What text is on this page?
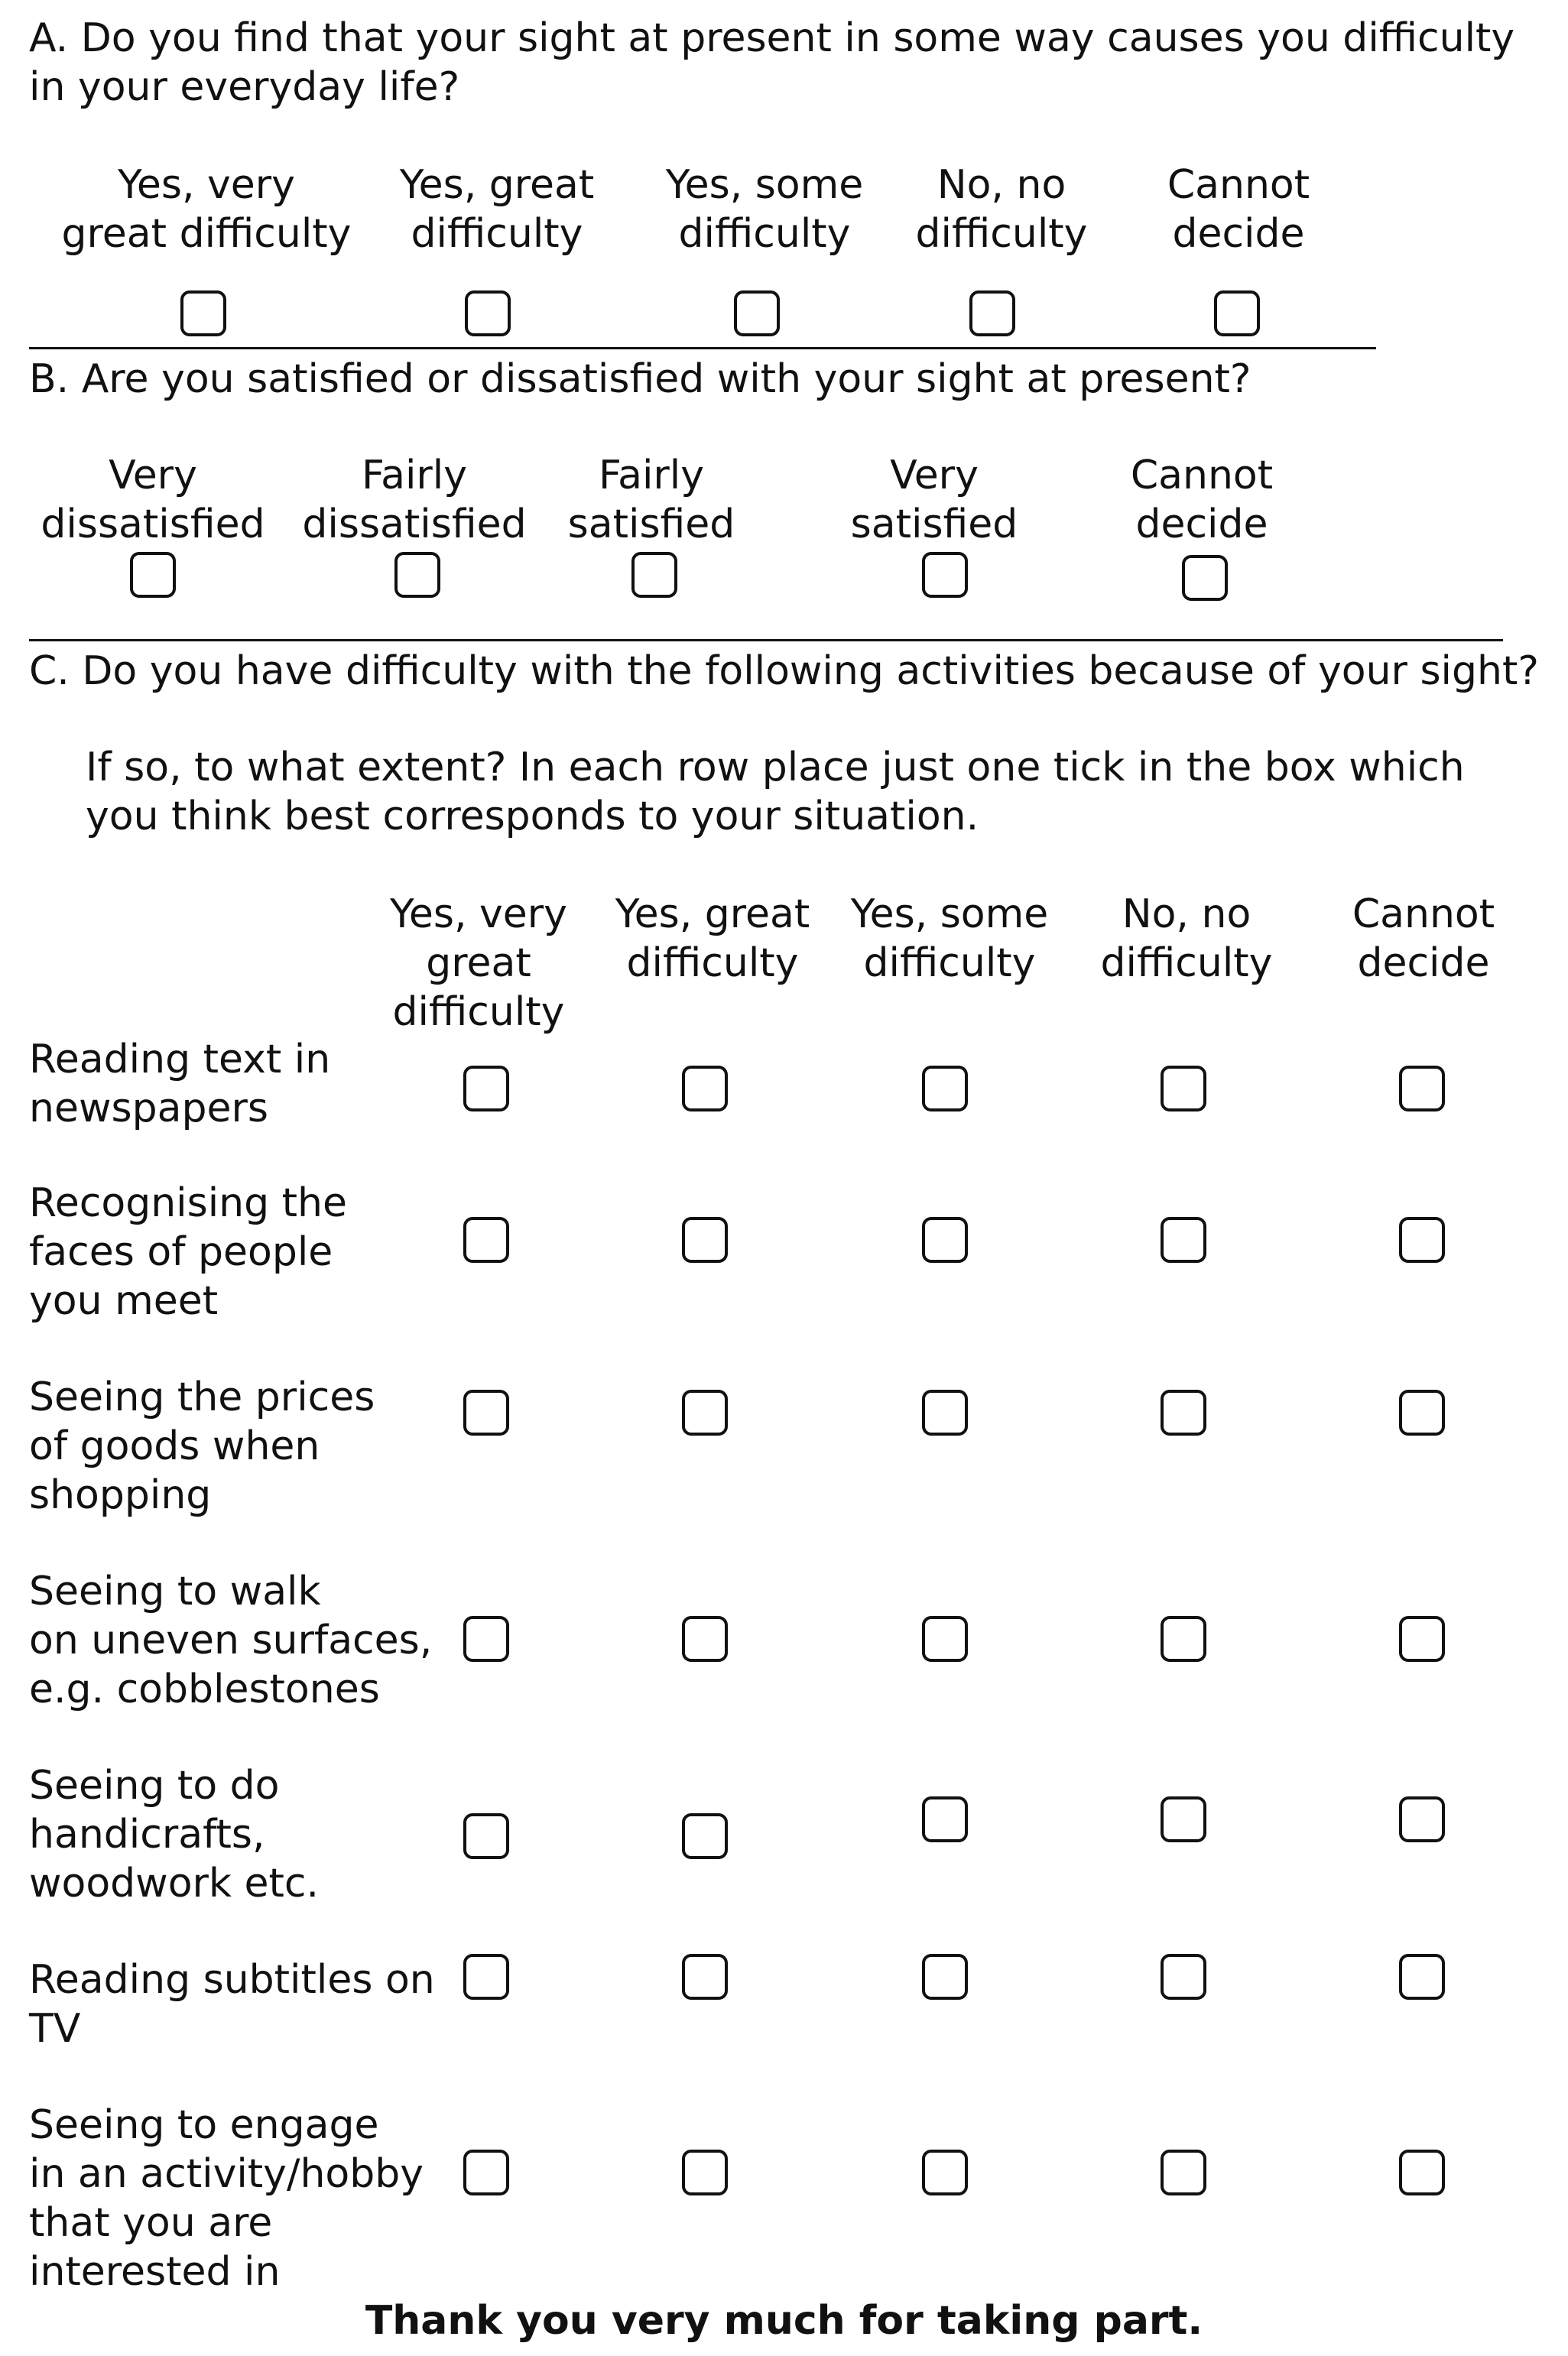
A. Do you find that your sight at present in some way causes you difficulty
in your everyday life?
Yes, very
great difficulty
Yes, great
difficulty
Yes, some
difficulty
No, no
difficulty
Cannot
decide
B. Are you satisfied or dissatisfied with your sight at present?
Very
dissatisfied
Fairly
dissatisfied
Fairly
satisfied
Very
satisfied
Cannot
decide
C. Do you have difficulty with the following activities because of your sight?
If so, to what extent? In each row place just one tick in the box which
you think best corresponds to your situation.
Yes, very
great
difficulty
Yes, great
difficulty
Yes, some
difficulty
No, no
difficulty
Cannot
decide
Reading text in
newspapers
Recognising the
faces of people
you meet
Seeing the prices
of goods when
shopping
Seeing to walk
on uneven surfaces,
e.g. cobblestones
Seeing to do
handicrafts,
woodwork etc.
Reading subtitles on
TV
Seeing to engage
in an activity/hobby
that you are
interested in
Thank you very much for taking part.
